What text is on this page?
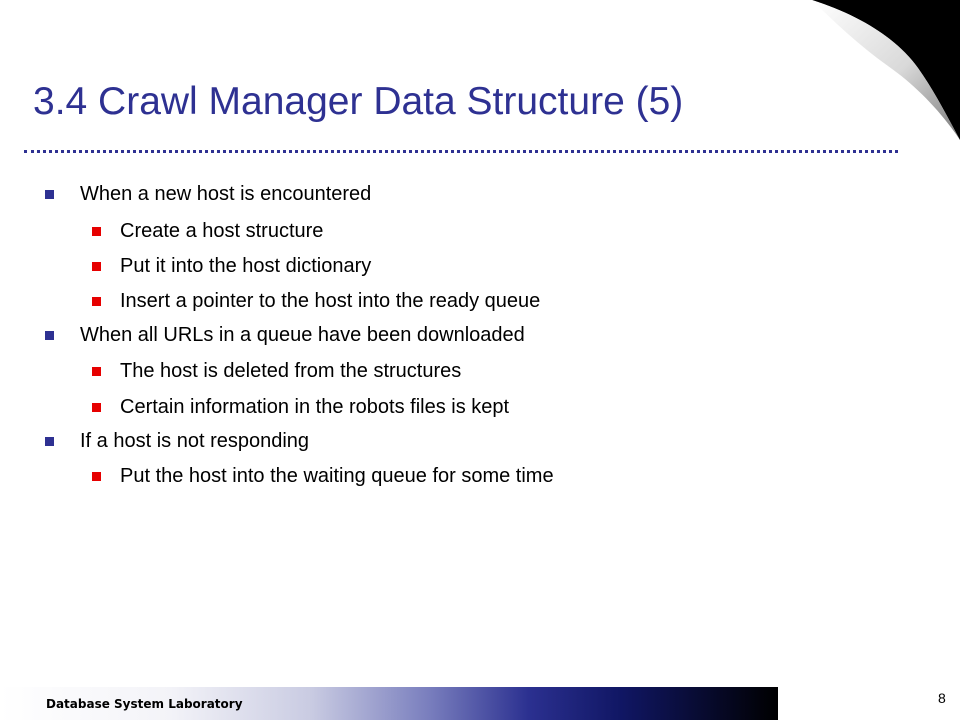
3.4 Crawl Manager Data Structure (5)
When a new host is encountered
Create a host structure
Put it into the host dictionary
Insert a pointer to the host into the ready queue
When all URLs in a queue have been downloaded
The host is deleted from the structures
Certain information in the robots files is kept
If a host is not responding
Put the host into the waiting queue for some time
Database System Laboratory	8
